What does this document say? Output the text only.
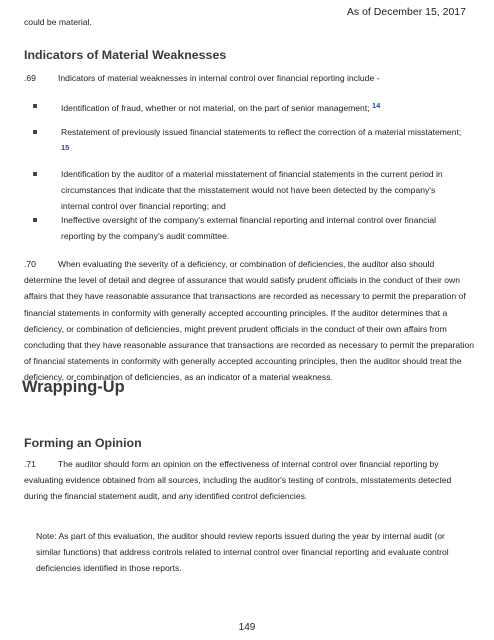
As of December 15, 2017
could be material.
Indicators of Material Weaknesses
.69	Indicators of material weaknesses in internal control over financial reporting include -
Identification of fraud, whether or not material, on the part of senior management; 14
Restatement of previously issued financial statements to reflect the correction of a material misstatement; 15
Identification by the auditor of a material misstatement of financial statements in the current period in circumstances that indicate that the misstatement would not have been detected by the company's internal control over financial reporting; and
Ineffective oversight of the company's external financial reporting and internal control over financial reporting by the company's audit committee.
.70	When evaluating the severity of a deficiency, or combination of deficiencies, the auditor also should determine the level of detail and degree of assurance that would satisfy prudent officials in the conduct of their own affairs that they have reasonable assurance that transactions are recorded as necessary to permit the preparation of financial statements in conformity with generally accepted accounting principles. If the auditor determines that a deficiency, or combination of deficiencies, might prevent prudent officials in the conduct of their own affairs from concluding that they have reasonable assurance that transactions are recorded as necessary to permit the preparation of financial statements in conformity with generally accepted accounting principles, then the auditor should treat the deficiency, or combination of deficiencies, as an indicator of a material weakness.
Wrapping-Up
Forming an Opinion
.71	The auditor should form an opinion on the effectiveness of internal control over financial reporting by evaluating evidence obtained from all sources, including the auditor's testing of controls, misstatements detected during the financial statement audit, and any identified control deficiencies.
Note: As part of this evaluation, the auditor should review reports issued during the year by internal audit (or similar functions) that address controls related to internal control over financial reporting and evaluate control deficiencies identified in those reports.
149
